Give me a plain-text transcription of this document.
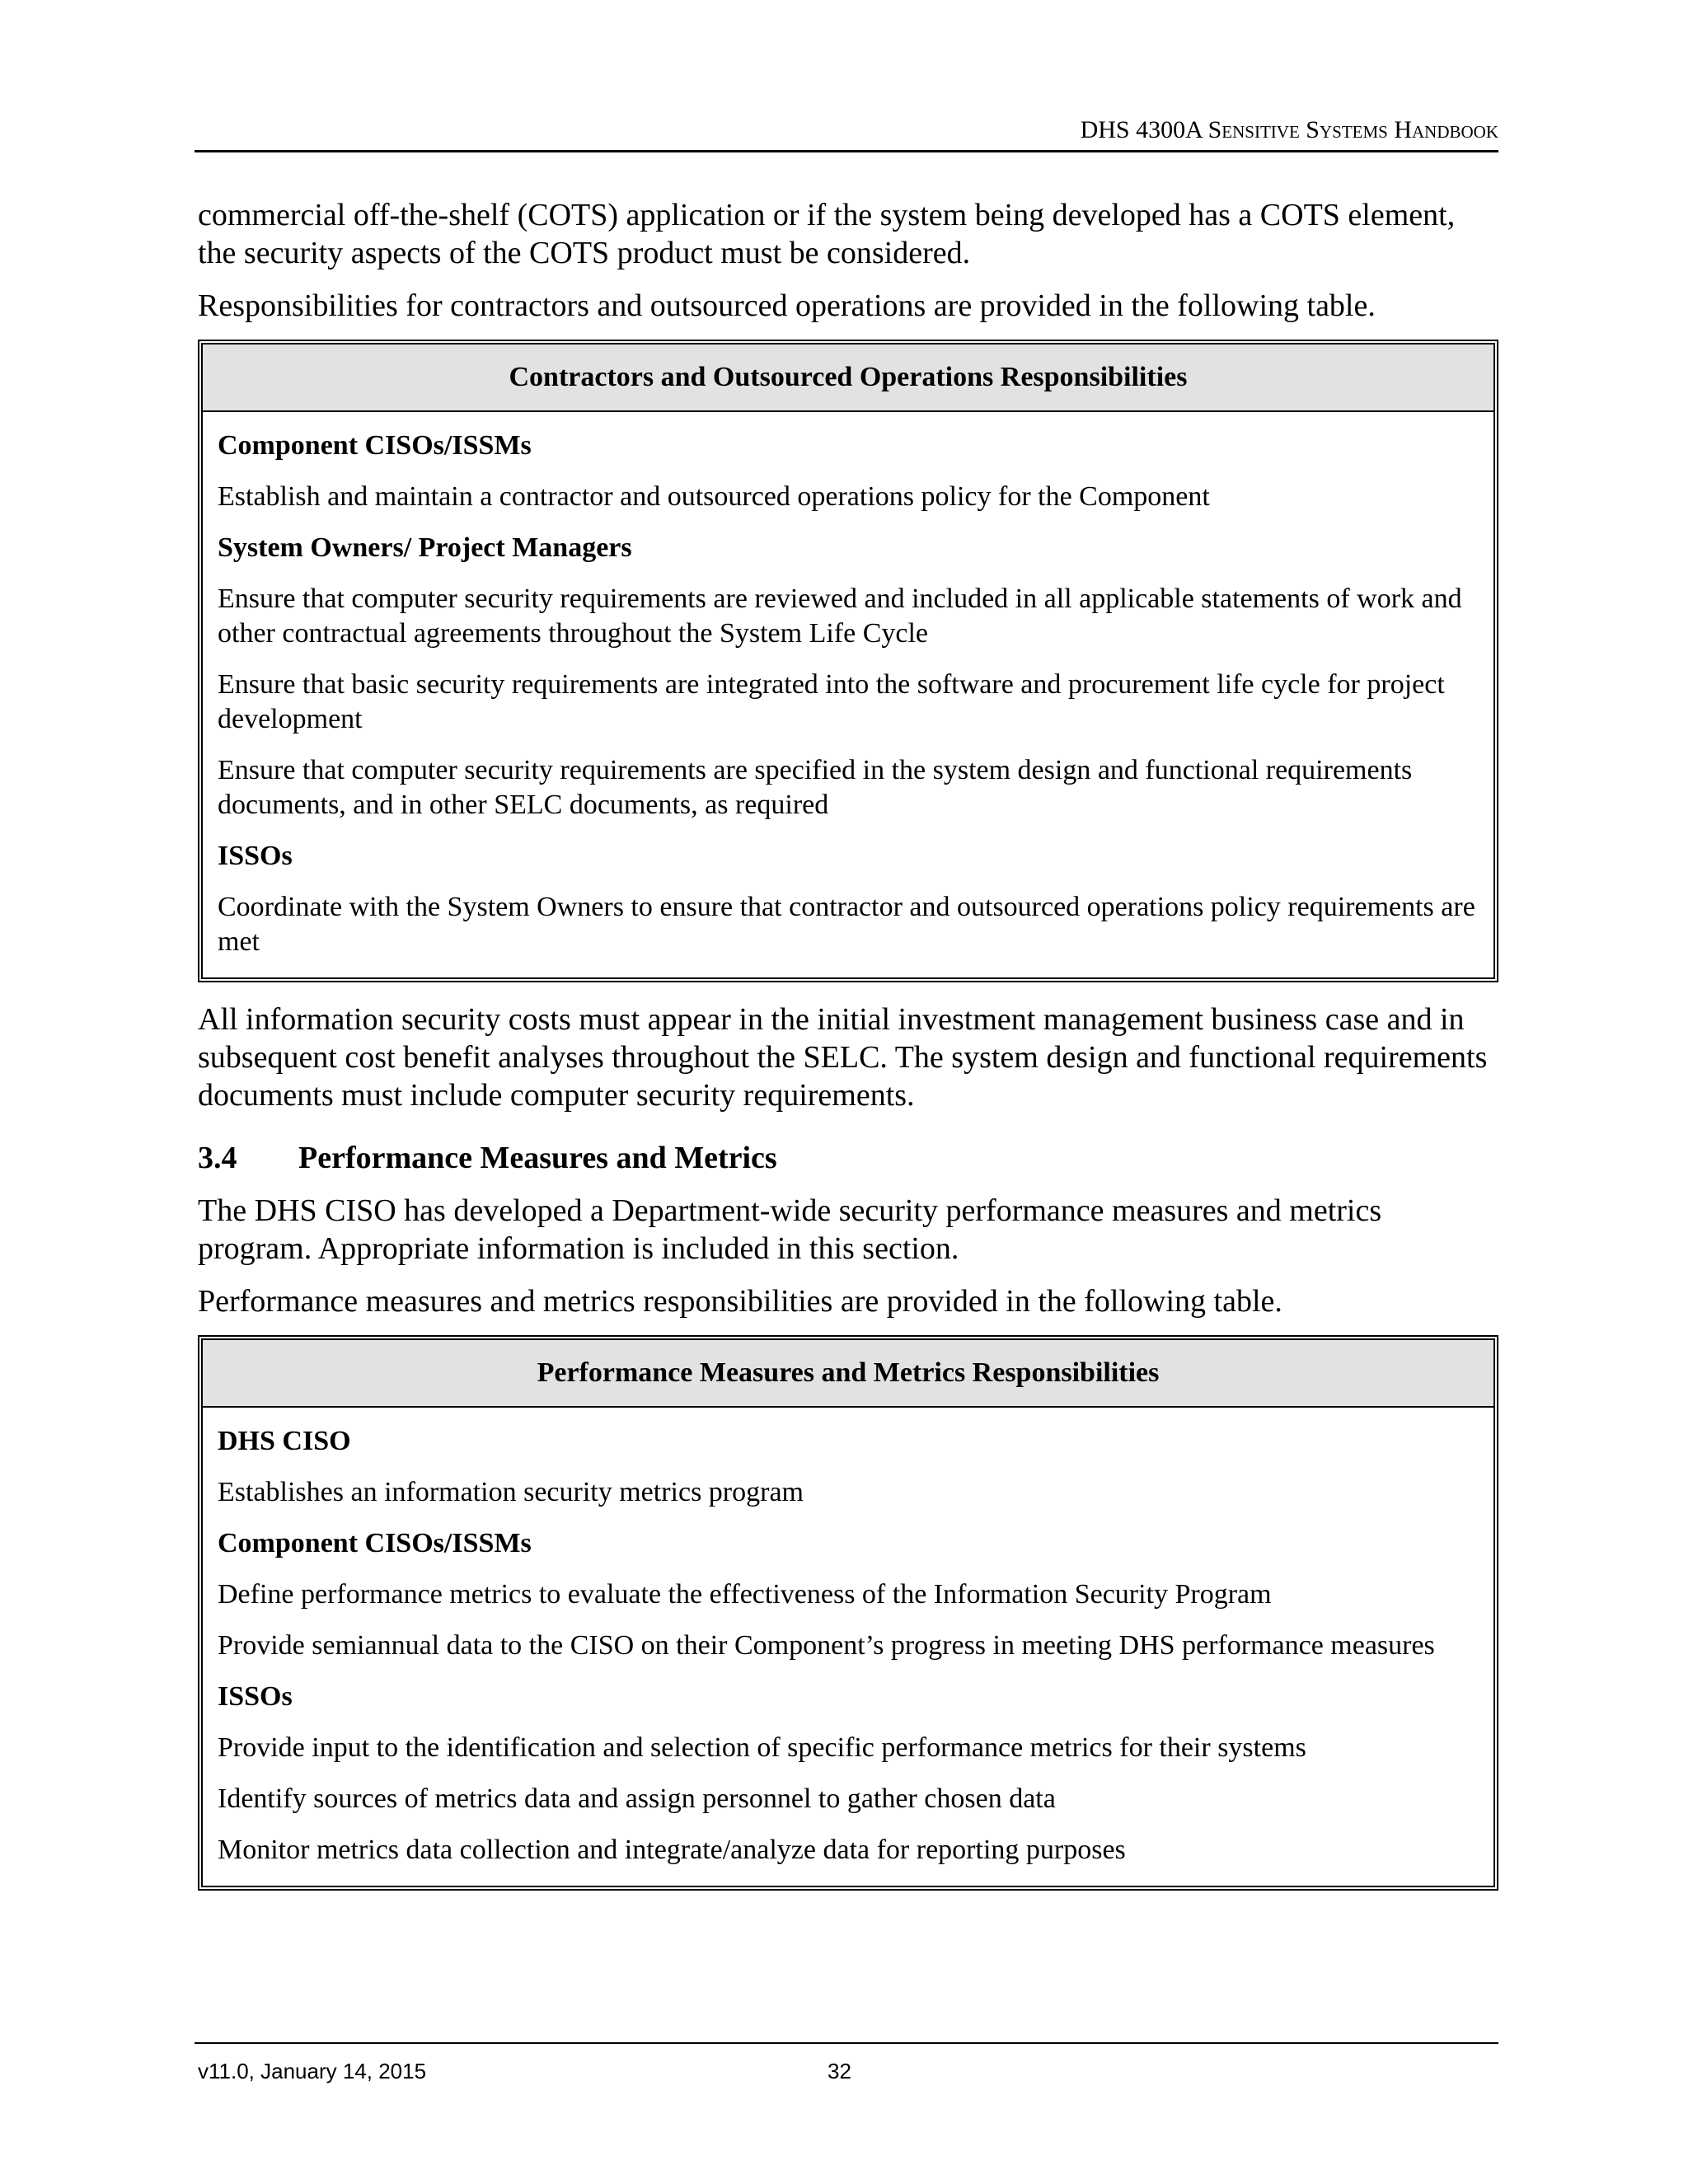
DHS 4300A Sensitive Systems Handbook

commercial off-the-shelf (COTS) application or if the system being developed has a COTS element, the security aspects of the COTS product must be considered.

Responsibilities for contractors and outsourced operations are provided in the following table.

Contractors and Outsourced Operations Responsibilities
Component CISOs/ISSMs
Establish and maintain a contractor and outsourced operations policy for the Component
System Owners/ Project Managers
Ensure that computer security requirements are reviewed and included in all applicable statements of work and other contractual agreements throughout the System Life Cycle
Ensure that basic security requirements are integrated into the software and procurement life cycle for project development
Ensure that computer security requirements are specified in the system design and functional requirements documents, and in other SELC documents, as required
ISSOs
Coordinate with the System Owners to ensure that contractor and outsourced operations policy requirements are met

All information security costs must appear in the initial investment management business case and in subsequent cost benefit analyses throughout the SELC. The system design and functional requirements documents must include computer security requirements.

3.4 Performance Measures and Metrics

The DHS CISO has developed a Department-wide security performance measures and metrics program. Appropriate information is included in this section.

Performance measures and metrics responsibilities are provided in the following table.

Performance Measures and Metrics Responsibilities
DHS CISO
Establishes an information security metrics program
Component CISOs/ISSMs
Define performance metrics to evaluate the effectiveness of the Information Security Program
Provide semiannual data to the CISO on their Component’s progress in meeting DHS performance measures
ISSOs
Provide input to the identification and selection of specific performance metrics for their systems
Identify sources of metrics data and assign personnel to gather chosen data
Monitor metrics data collection and integrate/analyze data for reporting purposes
v11.0, January 14, 2015	32
